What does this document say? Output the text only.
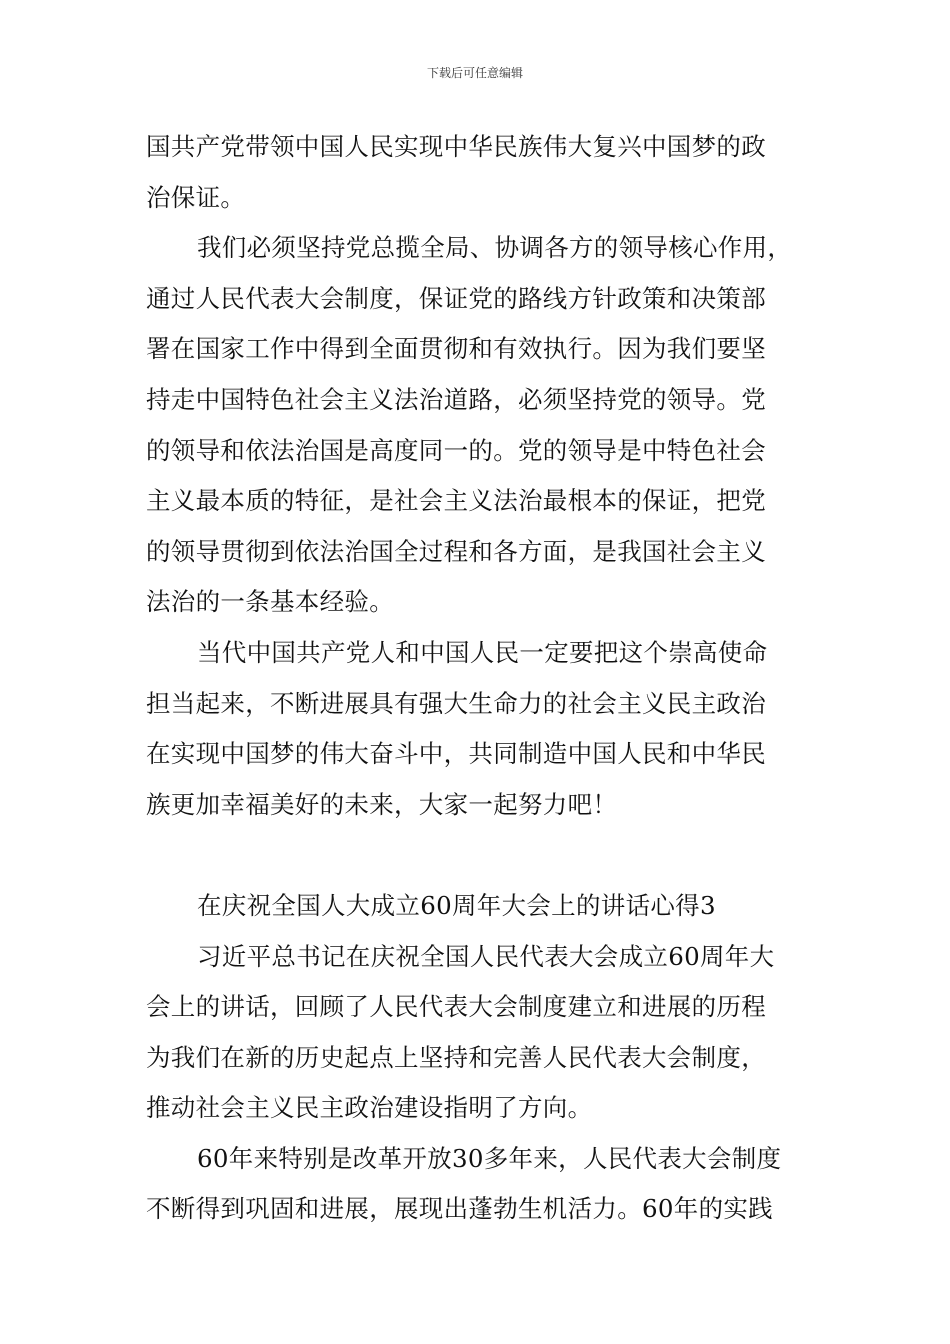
下载后可任意编辑
国共产党带领中国人民实现中华民族伟大复兴中国梦的政
治保证。
我们必须坚持党总揽全局、协调各方的领导核心作用，
通过人民代表大会制度，保证党的路线方针政策和决策部
署在国家工作中得到全面贯彻和有效执行。因为我们要坚
持走中国特色社会主义法治道路，必须坚持党的领导。党
的领导和依法治国是高度同一的。党的领导是中特色社会
主义最本质的特征，是社会主义法治最根本的保证，把党
的领导贯彻到依法治国全过程和各方面，是我国社会主义
法治的一条基本经验。
当代中国共产党人和中国人民一定要把这个崇高使命
担当起来，不断进展具有强大生命力的社会主义民主政治
在实现中国梦的伟大奋斗中，共同制造中国人民和中华民
族更加幸福美好的未来，大家一起努力吧！
在庆祝全国人大成立60周年大会上的讲话心得3
习近平总书记在庆祝全国人民代表大会成立60周年大
会上的讲话，回顾了人民代表大会制度建立和进展的历程
为我们在新的历史起点上坚持和完善人民代表大会制度，
推动社会主义民主政治建设指明了方向。
60年来特别是改革开放30多年来，人民代表大会制度
不断得到巩固和进展，展现出蓬勃生机活力。60年的实践
